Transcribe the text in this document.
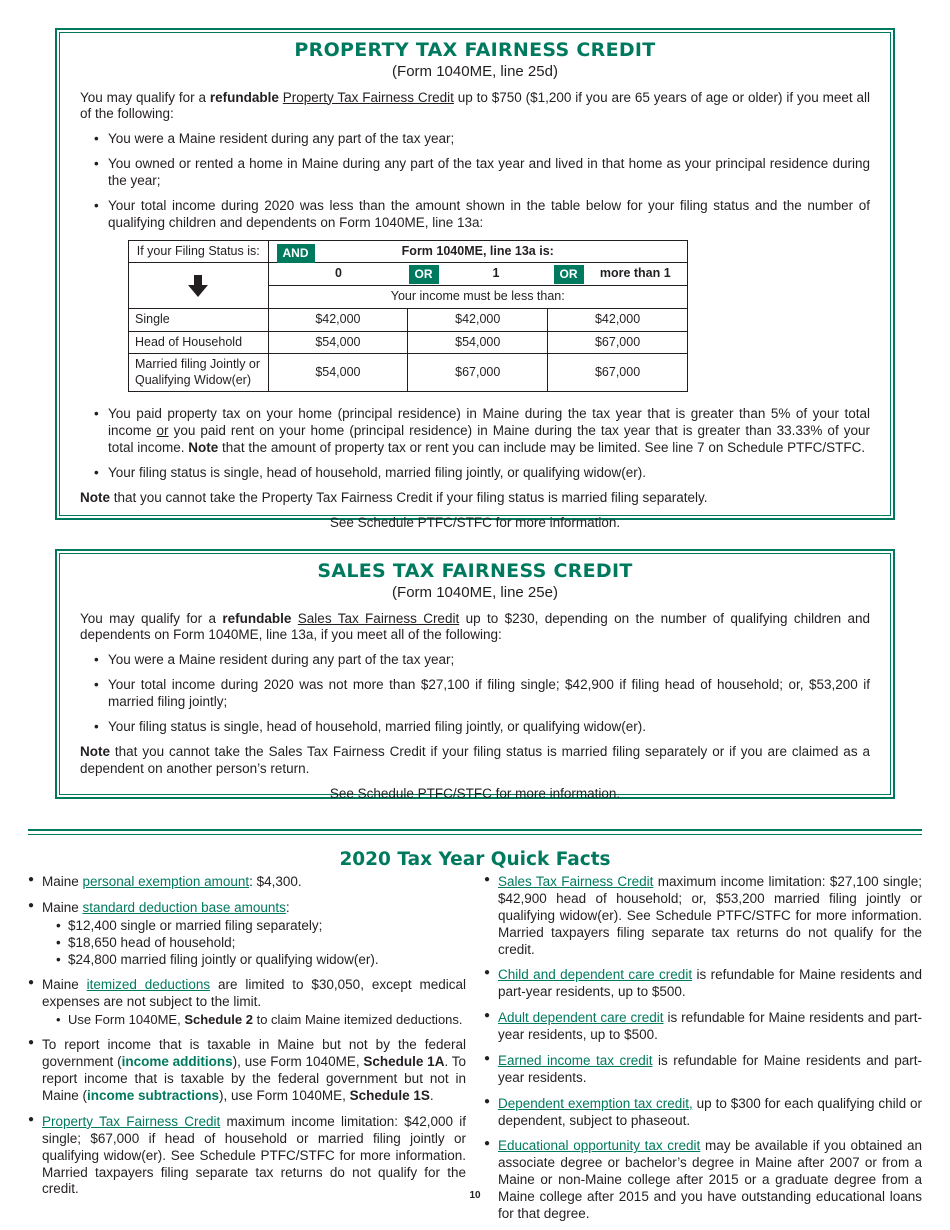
PROPERTY TAX FAIRNESS CREDIT
(Form 1040ME, line 25d)

You may qualify for a refundable Property Tax Fairness Credit up to $750 ($1,200 if you are 65 years of age or older) if you meet all of the following:

• You were a Maine resident during any part of the tax year;
• You owned or rented a home in Maine during any part of the tax year and lived in that home as your principal residence during the year;
• Your total income during 2020 was less than the amount shown in the table below for your filing status and the number of qualifying children and dependents on Form 1040ME, line 13a:
If your Filing Status is:	AND Form 1040ME, line 13a is:		

0 OR 1 OR more than 1		

	Your income must be less than:		
Single	$42,000	$42,000	$42,000
Head of Household	$54,000	$54,000	$67,000
Married filing Jointly or Qualifying Widow(er)	$54,000	$67,000	$67,000
• You paid property tax on your home (principal residence) in Maine during the tax year that is greater than 5% of your total income or you paid rent on your home (principal residence) in Maine during the tax year that is greater than 33.33% of your total income. Note that the amount of property tax or rent you can include may be limited. See line 7 on Schedule PTFC/STFC.
• Your filing status is single, head of household, married filing jointly, or qualifying widow(er).

Note that you cannot take the Property Tax Fairness Credit if your filing status is married filing separately.

See Schedule PTFC/STFC for more information.
SALES TAX FAIRNESS CREDIT
(Form 1040ME, line 25e)

You may qualify for a refundable Sales Tax Fairness Credit up to $230, depending on the number of qualifying children and dependents on Form 1040ME, line 13a, if you meet all of the following:

• You were a Maine resident during any part of the tax year;
• Your total income during 2020 was not more than $27,100 if filing single; $42,900 if filing head of household; or, $53,200 if married filing jointly;
• Your filing status is single, head of household, married filing jointly, or qualifying widow(er).

Note that you cannot take the Sales Tax Fairness Credit if your filing status is married filing separately or if you are claimed as a dependent on another person’s return.

See Schedule PTFC/STFC for more information.
2020 Tax Year Quick Facts
● Maine personal exemption amount: $4,300.
● Maine standard deduction base amounts:
• $12,400 single or married filing separately;
• $18,650 head of household;
• $24,800 married filing jointly or qualifying widow(er).
● Maine itemized deductions are limited to $30,050, except medical expenses are not subject to the limit.
• Use Form 1040ME, Schedule 2 to claim Maine itemized deductions.
● To report income that is taxable in Maine but not by the federal government (income additions), use Form 1040ME, Schedule 1A. To report income that is taxable by the federal government but not in Maine (income subtractions), use Form 1040ME, Schedule 1S.
● Property Tax Fairness Credit maximum income limitation: $42,000 if single; $67,000 if head of household or married filing jointly or qualifying widow(er). See Schedule PTFC/STFC for more information. Married taxpayers filing separate tax returns do not qualify for the credit.
● Sales Tax Fairness Credit maximum income limitation: $27,100 single; $42,900 head of household; or, $53,200 married filing jointly or qualifying widow(er). See Schedule PTFC/STFC for more information. Married taxpayers filing separate tax returns do not qualify for the credit.
● Child and dependent care credit is refundable for Maine residents and part-year residents, up to $500.
● Adult dependent care credit is refundable for Maine residents and part-year residents, up to $500.
● Earned income tax credit is refundable for Maine residents and part-year residents.
● Dependent exemption tax credit, up to $300 for each qualifying child or dependent, subject to phaseout.
● Educational opportunity tax credit may be available if you obtained an associate degree or bachelor’s degree in Maine after 2007 or from a Maine or non-Maine college after 2015 or a graduate degree from a Maine college after 2015 and you have outstanding educational loans for that degree.
10
